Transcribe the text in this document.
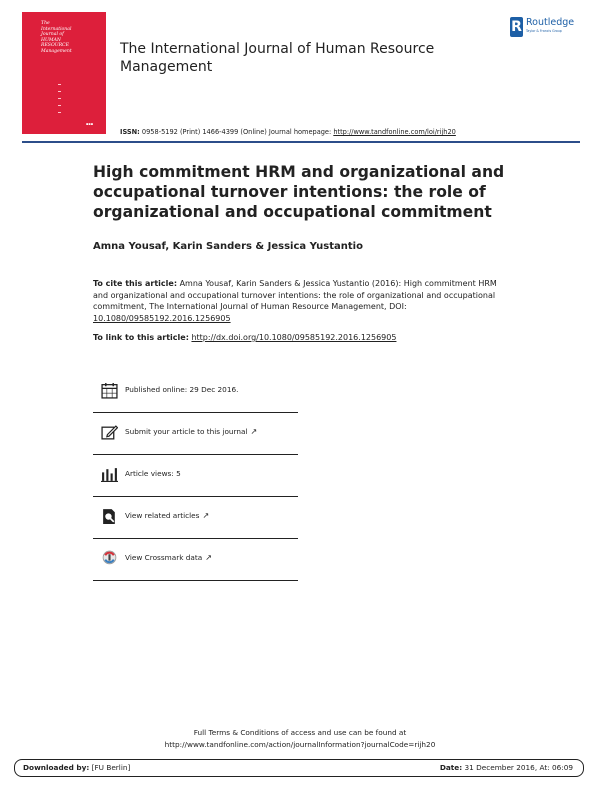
The
International
Journal of
HUMAN
RESOURCE
Management
▪▪▪
The International Journal of Human Resource Management
ISSN: 0958-5192 (Print) 1466-4399 (Online) Journal homepage: http://www.tandfonline.com/loi/rijh20
R Routledge
Taylor & Francis Group
High commitment HRM and organizational and occupational turnover intentions: the role of organizational and occupational commitment
Amna Yousaf, Karin Sanders & Jessica Yustantio
To cite this article: Amna Yousaf, Karin Sanders & Jessica Yustantio (2016): High commitment HRM and organizational and occupational turnover intentions: the role of organizational and occupational commitment, The International Journal of Human Resource Management, DOI: 10.1080/09585192.2016.1256905
To link to this article: http://dx.doi.org/10.1080/09585192.2016.1256905
Published online: 29 Dec 2016.
Submit your article to this journal ↗
Article views: 5
View related articles ↗
View Crossmark data ↗
Full Terms & Conditions of access and use can be found at
http://www.tandfonline.com/action/journalInformation?journalCode=rijh20
Downloaded by: [FU Berlin]	Date: 31 December 2016, At: 06:09
